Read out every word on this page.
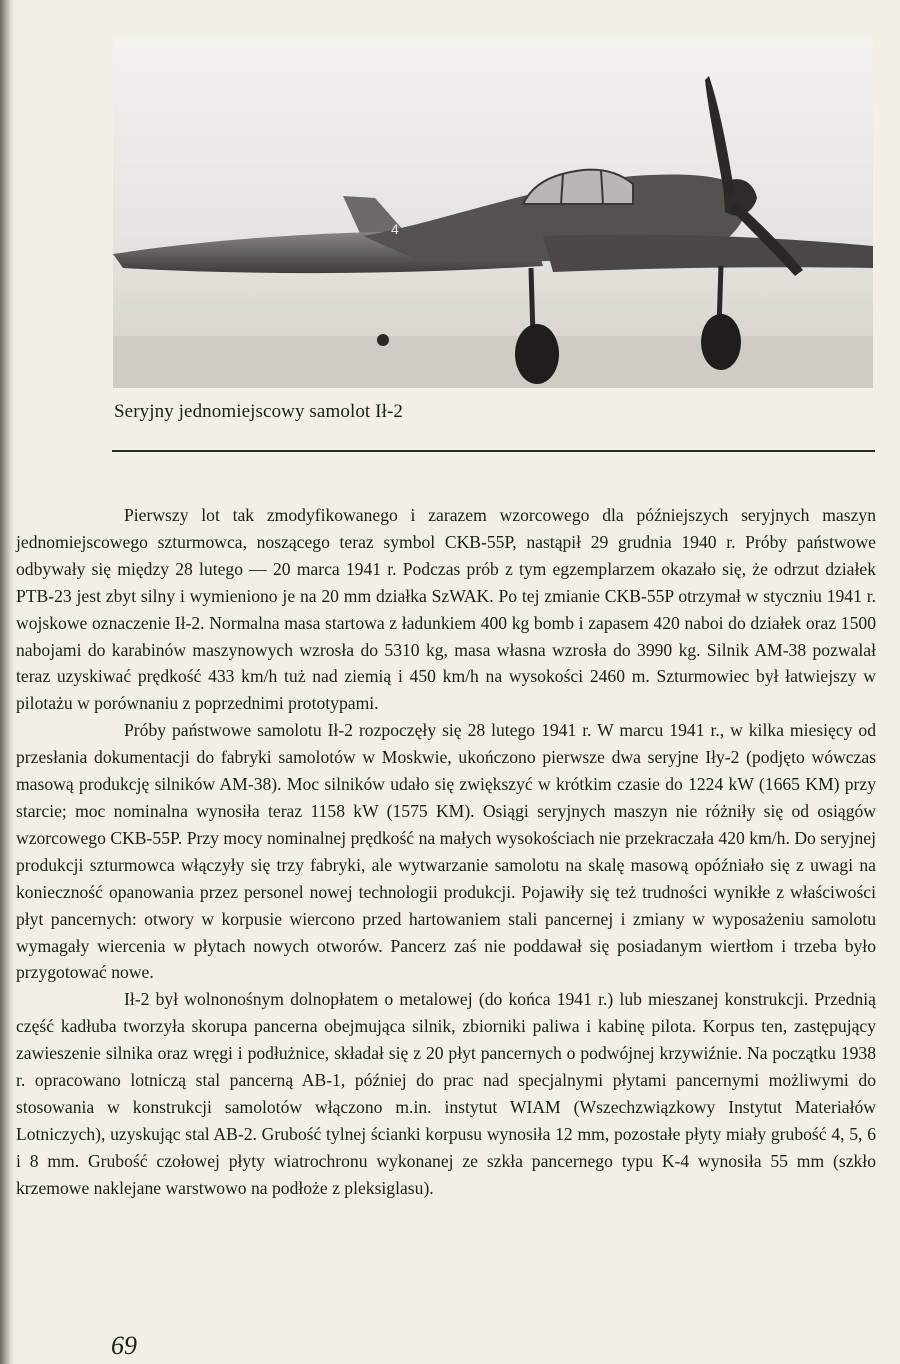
4
Seryjny jednomiejscowy samolot Ił-2

Pierwszy lot tak zmodyfikowanego i zarazem wzorcowego dla późniejszych seryjnych maszyn jednomiejscowego szturmowca, noszącego teraz symbol CKB-55P, nastąpił 29 grudnia 1940 r. Próby państwowe odbywały się między 28 lutego — 20 marca 1941 r. Podczas prób z tym egzemplarzem okazało się, że odrzut działek PTB-23 jest zbyt silny i wymieniono je na 20 mm działka SzWAK. Po tej zmianie CKB-55P otrzymał w styczniu 1941 r. wojskowe oznaczenie Ił-2. Normalna masa startowa z ładunkiem 400 kg bomb i zapasem 420 naboi do działek oraz 1500 nabojami do karabinów maszynowych wzrosła do 5310 kg, masa własna wzrosła do 3990 kg. Silnik AM-38 pozwalał teraz uzyskiwać prędkość 433 km/h tuż nad ziemią i 450 km/h na wysokości 2460 m. Szturmowiec był łatwiejszy w pilotażu w porównaniu z poprzednimi prototypami.

Próby państwowe samolotu Ił-2 rozpoczęły się 28 lutego 1941 r. W marcu 1941 r., w kilka miesięcy od przesłania dokumentacji do fabryki samolotów w Moskwie, ukończono pierwsze dwa seryjne Iły-2 (podjęto wówczas masową produkcję silników AM-38). Moc silników udało się zwiększyć w krótkim czasie do 1224 kW (1665 KM) przy starcie; moc nominalna wynosiła teraz 1158 kW (1575 KM). Osiągi seryjnych maszyn nie różniły się od osiągów wzorcowego CKB-55P. Przy mocy nominalnej prędkość na małych wysokościach nie przekraczała 420 km/h. Do seryjnej produkcji szturmowca włączyły się trzy fabryki, ale wytwarzanie samolotu na skalę masową opóźniało się z uwagi na konieczność opanowania przez personel nowej technologii produkcji. Pojawiły się też trudności wynikłe z właściwości płyt pancernych: otwory w korpusie wiercono przed hartowaniem stali pancernej i zmiany w wyposażeniu samolotu wymagały wiercenia w płytach nowych otworów. Pancerz zaś nie poddawał się posiadanym wiertłom i trzeba było przygotować nowe.

Ił-2 był wolnonośnym dolnopłatem o metalowej (do końca 1941 r.) lub mieszanej konstrukcji. Przednią część kadłuba tworzyła skorupa pancerna obejmująca silnik, zbiorniki paliwa i kabinę pilota. Korpus ten, zastępujący zawieszenie silnika oraz wręgi i podłużnice, składał się z 20 płyt pancernych o podwójnej krzywiźnie. Na początku 1938 r. opracowano lotniczą stal pancerną AB-1, później do prac nad specjalnymi płytami pancernymi możliwymi do stosowania w konstrukcji samolotów włączono m.in. instytut WIAM (Wszechzwiązkowy Instytut Materiałów Lotniczych), uzyskując stal AB-2. Grubość tylnej ścianki korpusu wynosiła 12 mm, pozostałe płyty miały grubość 4, 5, 6 i 8 mm. Grubość czołowej płyty wiatrochronu wykonanej ze szkła pancernego typu K-4 wynosiła 55 mm (szkło krzemowe naklejane warstwowo na podłoże z pleksiglasu).

69
